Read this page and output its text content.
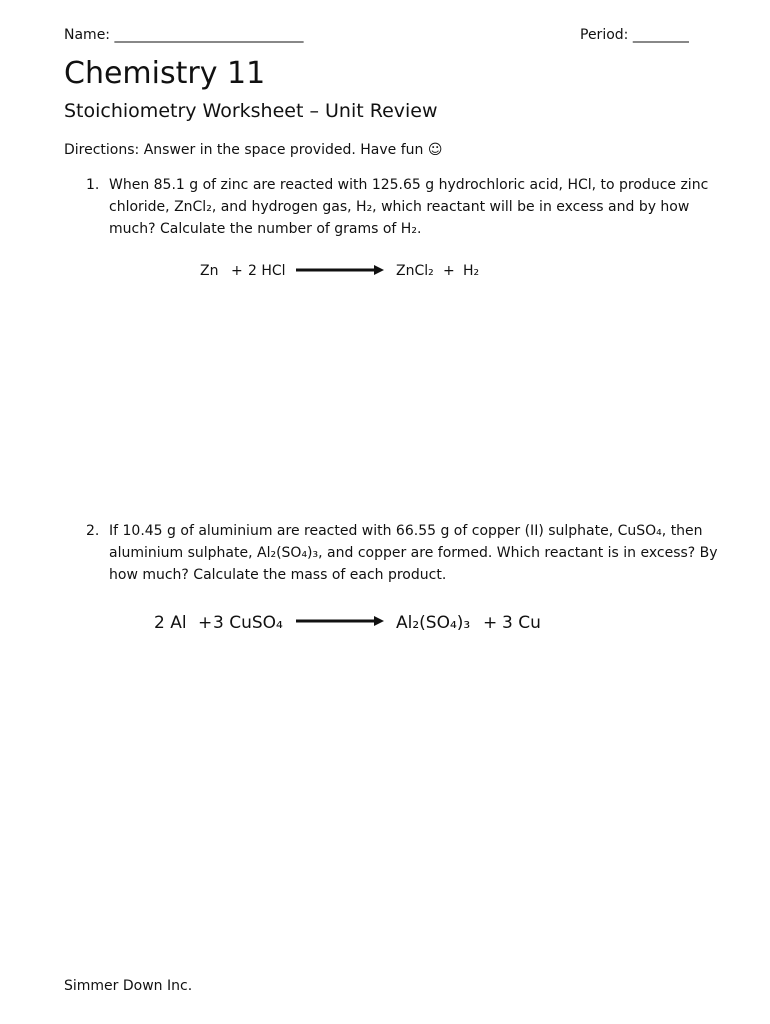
Name: ___________________________	Period: ________
Chemistry 11
Stoichiometry Worksheet – Unit Review
Directions: Answer in the space provided. Have fun ☺
1. When 85.1 g of zinc are reacted with 125.65 g hydrochloric acid, HCl, to produce zinc chloride, ZnCl₂, and hydrogen gas, H₂, which reactant will be in excess and by how much? Calculate the number of grams of H₂.
Zn + 2 HCl	ZnCl₂ + H₂
2. If 10.45 g of aluminium are reacted with 66.55 g of copper (II) sulphate, CuSO₄, then aluminium sulphate, Al₂(SO₄)₃, and copper are formed. Which reactant is in excess? By how much? Calculate the mass of each product.
2 Al + 3 CuSO₄	Al₂(SO₄)₃ + 3 Cu
Simmer Down Inc.
